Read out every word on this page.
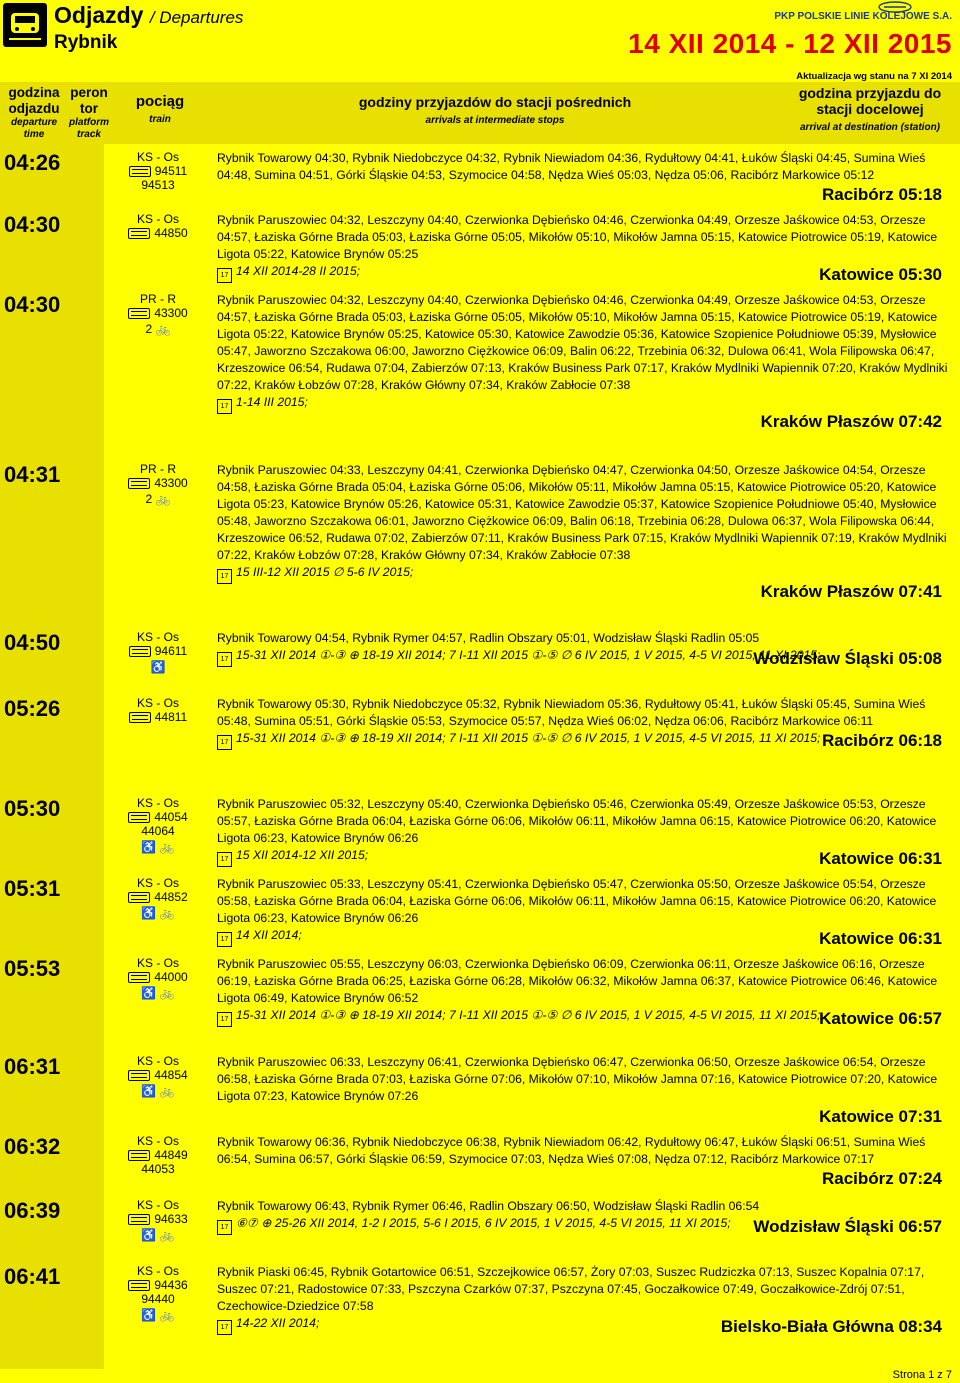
Odjazdy / Departures
Rybnik
PKP POLSKIE LINIE KOLEJOWE S.A.
14 XII 2014 - 12 XII 2015
Aktualizacja wg stanu na 7 XI 2014
godzina odjazdu
departure time
peron tor
platform track
pociąg
train
godziny przyjazdów do stacji pośrednich
arrivals at intermediate stops
godzina przyjazdu do stacji docelowej
arrival at destination (station)
04:26	KS - Os
94511
94513
Rybnik Towarowy 04:30, Rybnik Niedobczyce 04:32, Rybnik Niewiadom 04:36, Rydułtowy 04:41, Łuków Śląski 04:45, Sumina Wieś 04:48, Sumina 04:51, Górki Śląskie 04:53, Szymocice 04:58, Nędza Wieś 05:03, Nędza 05:06, Racibórz Markowice 05:12
Racibórz 05:18
04:30	KS - Os
44850
Rybnik Paruszowiec 04:32, Leszczyny 04:40, Czerwionka Dębieńsko 04:46, Czerwionka 04:49, Orzesze Jaśkowice 04:53, Orzesze 04:57, Łaziska Górne Brada 05:03, Łaziska Górne 05:05, Mikołów 05:10, Mikołów Jamna 05:15, Katowice Piotrowice 05:19, Katowice Ligota 05:22, Katowice Brynów 05:25
17 14 XII 2014-28 II 2015;	Katowice 05:30
04:30	PR - R
43300
2 🚲
Rybnik Paruszowiec 04:32, Leszczyny 04:40, Czerwionka Dębieńsko 04:46, Czerwionka 04:49, Orzesze Jaśkowice 04:53, Orzesze 04:57, Łaziska Górne Brada 05:03, Łaziska Górne 05:05, Mikołów 05:10, Mikołów Jamna 05:15, Katowice Piotrowice 05:19, Katowice Ligota 05:22, Katowice Brynów 05:25, Katowice 05:30, Katowice Zawodzie 05:36, Katowice Szopienice Południowe 05:39, Mysłowice 05:47, Jaworzno Szczakowa 06:00, Jaworzno Ciężkowice 06:09, Balin 06:22, Trzebinia 06:32, Dulowa 06:41, Wola Filipowska 06:47, Krzeszowice 06:54, Rudawa 07:04, Zabierzów 07:13, Kraków Business Park 07:17, Kraków Mydlniki Wapiennik 07:20, Kraków Mydlniki 07:22, Kraków Łobzów 07:28, Kraków Główny 07:34, Kraków Zabłocie 07:38
17 1-14 III 2015;
Kraków Płaszów 07:42
04:31	PR - R
43300
2 🚲
Rybnik Paruszowiec 04:33, Leszczyny 04:41, Czerwionka Dębieńsko 04:47, Czerwionka 04:50, Orzesze Jaśkowice 04:54, Orzesze 04:58, Łaziska Górne Brada 05:04, Łaziska Górne 05:06, Mikołów 05:11, Mikołów Jamna 05:15, Katowice Piotrowice 05:20, Katowice Ligota 05:23, Katowice Brynów 05:26, Katowice 05:31, Katowice Zawodzie 05:37, Katowice Szopienice Południowe 05:40, Mysłowice 05:48, Jaworzno Szczakowa 06:01, Jaworzno Ciężkowice 06:09, Balin 06:18, Trzebinia 06:28, Dulowa 06:37, Wola Filipowska 06:44, Krzeszowice 06:52, Rudawa 07:02, Zabierzów 07:11, Kraków Business Park 07:15, Kraków Mydlniki Wapiennik 07:19, Kraków Mydlniki 07:22, Kraków Łobzów 07:28, Kraków Główny 07:34, Kraków Zabłocie 07:38
17 15 III-12 XII 2015 ∅ 5-6 IV 2015;
Kraków Płaszów 07:41
04:50	KS - Os
94611
♿
Rybnik Towarowy 04:54, Rybnik Rymer 04:57, Radlin Obszary 05:01, Wodzisław Śląski Radlin 05:05
17 15-31 XII 2014 ①-③ ⊕ 18-19 XII 2014; 7 I-11 XII 2015 ①-⑤ ∅ 6 IV 2015, 1 V 2015, 4-5 VI 2015, 11 XI 2015;
Wodzisław Śląski 05:08
05:26	KS - Os
44811
Rybnik Towarowy 05:30, Rybnik Niedobczyce 05:32, Rybnik Niewiadom 05:36, Rydułtowy 05:41, Łuków Śląski 05:45, Sumina Wieś 05:48, Sumina 05:51, Górki Śląskie 05:53, Szymocice 05:57, Nędza Wieś 06:02, Nędza 06:06, Racibórz Markowice 06:11
17 15-31 XII 2014 ①-③ ⊕ 18-19 XII 2014; 7 I-11 XII 2015 ①-⑤ ∅ 6 IV 2015, 1 V 2015, 4-5 VI 2015, 11 XI 2015; Racibórz 06:18
05:30	KS - Os
44054
44064
♿ 🚲
Rybnik Paruszowiec 05:32, Leszczyny 05:40, Czerwionka Dębieńsko 05:46, Czerwionka 05:49, Orzesze Jaśkowice 05:53, Orzesze 05:57, Łaziska Górne Brada 06:04, Łaziska Górne 06:06, Mikołów 06:11, Mikołów Jamna 06:15, Katowice Piotrowice 06:20, Katowice Ligota 06:23, Katowice Brynów 06:26
17 15 XII 2014-12 XII 2015;	Katowice 06:31
05:31	KS - Os
44852
♿ 🚲
Rybnik Paruszowiec 05:33, Leszczyny 05:41, Czerwionka Dębieńsko 05:47, Czerwionka 05:50, Orzesze Jaśkowice 05:54, Orzesze 05:58, Łaziska Górne Brada 06:04, Łaziska Górne 06:06, Mikołów 06:11, Mikołów Jamna 06:15, Katowice Piotrowice 06:20, Katowice Ligota 06:23, Katowice Brynów 06:26
17 14 XII 2014;	Katowice 06:31
05:53	KS - Os
44000
♿ 🚲
Rybnik Paruszowiec 05:55, Leszczyny 06:03, Czerwionka Dębieńsko 06:09, Czerwionka 06:11, Orzesze Jaśkowice 06:16, Orzesze 06:19, Łaziska Górne Brada 06:25, Łaziska Górne 06:28, Mikołów 06:32, Mikołów Jamna 06:37, Katowice Piotrowice 06:46, Katowice Ligota 06:49, Katowice Brynów 06:52
17 15-31 XII 2014 ①-③ ⊕ 18-19 XII 2014; 7 I-11 XII 2015 ①-⑤ ∅ 6 IV 2015, 1 V 2015, 4-5 VI 2015, 11 XI 2015;
Katowice 06:57
06:31	KS - Os
44854
♿ 🚲
Rybnik Paruszowiec 06:33, Leszczyny 06:41, Czerwionka Dębieńsko 06:47, Czerwionka 06:50, Orzesze Jaśkowice 06:54, Orzesze 06:58, Łaziska Górne Brada 07:03, Łaziska Górne 07:06, Mikołów 07:10, Mikołów Jamna 07:16, Katowice Piotrowice 07:20, Katowice Ligota 07:23, Katowice Brynów 07:26
Katowice 07:31
06:32	KS - Os
44849
44053
Rybnik Towarowy 06:36, Rybnik Niedobczyce 06:38, Rybnik Niewiadom 06:42, Rydułtowy 06:47, Łuków Śląski 06:51, Sumina Wieś 06:54, Sumina 06:57, Górki Śląskie 06:59, Szymocice 07:03, Nędza Wieś 07:08, Nędza 07:12, Racibórz Markowice 07:17
Racibórz 07:24
06:39	KS - Os
94633
♿ 🚲
Rybnik Towarowy 06:43, Rybnik Rymer 06:46, Radlin Obszary 06:50, Wodzisław Śląski Radlin 06:54
17 ⑥⑦ ⊕ 25-26 XII 2014, 1-2 I 2015, 5-6 I 2015, 6 IV 2015, 1 V 2015, 4-5 VI 2015, 11 XI 2015;	Wodzisław Śląski 06:57
06:41	KS - Os
94436
94440
♿ 🚲
Rybnik Piaski 06:45, Rybnik Gotartowice 06:51, Szczejkowice 06:57, Żory 07:03, Suszec Rudziczka 07:13, Suszec Kopalnia 07:17, Suszec 07:21, Radostowice 07:33, Pszczyna Czarków 07:37, Pszczyna 07:45, Goczałkowice 07:49, Goczałkowice-Zdrój 07:51, Czechowice-Dziedzice 07:58
17 14-22 XII 2014;	Bielsko-Biała Główna 08:34
Strona 1 z 7
